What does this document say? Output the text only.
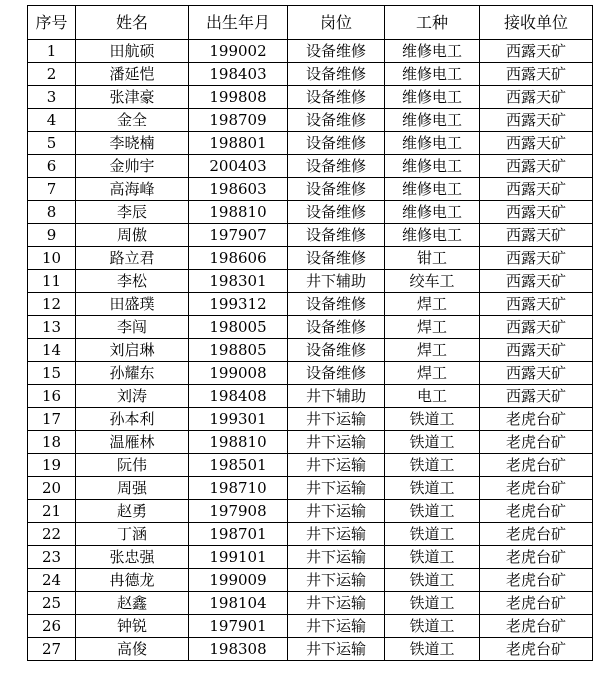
序号	姓名	出生年月	岗位	工种	接收单位
1	田航硕	199002	设备维修	维修电工	西露天矿
2	潘延恺	198403	设备维修	维修电工	西露天矿
3	张津豪	199808	设备维修	维修电工	西露天矿
4	金全	198709	设备维修	维修电工	西露天矿
5	李晓楠	198801	设备维修	维修电工	西露天矿
6	金帅宇	200403	设备维修	维修电工	西露天矿
7	高海峰	198603	设备维修	维修电工	西露天矿
8	李辰	198810	设备维修	维修电工	西露天矿
9	周傲	197907	设备维修	维修电工	西露天矿
10	路立君	198606	设备维修	钳工	西露天矿
11	李松	198301	井下辅助	绞车工	西露天矿
12	田盛璞	199312	设备维修	焊工	西露天矿
13	李闯	198005	设备维修	焊工	西露天矿
14	刘启琳	198805	设备维修	焊工	西露天矿
15	孙耀东	199008	设备维修	焊工	西露天矿
16	刘涛	198408	井下辅助	电工	西露天矿
17	孙本利	199301	井下运输	铁道工	老虎台矿
18	温雁林	198810	井下运输	铁道工	老虎台矿
19	阮伟	198501	井下运输	铁道工	老虎台矿
20	周强	198710	井下运输	铁道工	老虎台矿
21	赵勇	197908	井下运输	铁道工	老虎台矿
22	丁涵	198701	井下运输	铁道工	老虎台矿
23	张忠强	199101	井下运输	铁道工	老虎台矿
24	冉德龙	199009	井下运输	铁道工	老虎台矿
25	赵鑫	198104	井下运输	铁道工	老虎台矿
26	钟锐	197901	井下运输	铁道工	老虎台矿
27	高俊	198308	井下运输	铁道工	老虎台矿
